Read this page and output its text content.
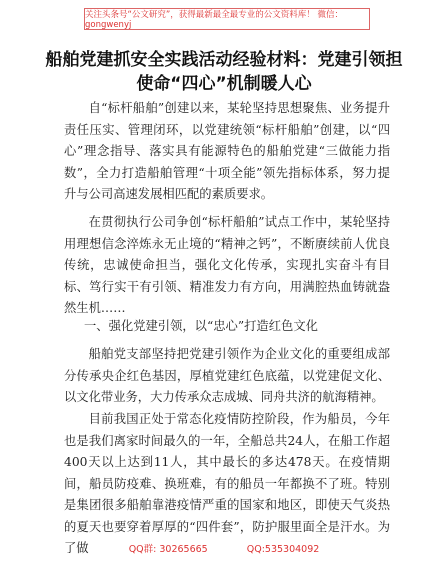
关注头条号“公文研究”，获得最新最全最专业的公文资料库！ 微信：gongwenyj
船舶党建抓安全实践活动经验材料：党建引领担使命“四心”机制暖人心

自“标杆船舶”创建以来，某轮坚持思想聚焦、业务提升责任压实、管理闭环，以党建统领“标杆船舶”创建，以“四心”理念指导、落实具有能源特色的船舶党建“三做能力指数”，全力打造船舶管理“十项全能”领先指标体系，努力提升与公司高速发展相匹配的素质要求。

在贯彻执行公司争创“标杆船舶”试点工作中，某轮坚持用理想信念淬炼永无止境的“精神之钙”，不断赓续前人优良传统，忠诚使命担当，强化文化传承，实现扎实奋斗有目标、笃行实干有引领、精准发力有方向，用满腔热血铸就盎然生机……

一、强化党建引领，以“忠心”打造红色文化

船舶党支部坚持把党建引领作为企业文化的重要组成部分传承央企红色基因，厚植党建红色底蕴，以党建促文化、以文化带业务，大力传承众志成城、同舟共济的航海精神。

目前我国正处于常态化疫情防控阶段，作为船员，今年也是我们离家时间最久的一年，全船总共24人，在船工作超400天以上达到11人，其中最长的多达478天。在疫情期间，船员防疫难、换班难，有的船员一年都换不了班。特别是集团很多船舶靠港疫情严重的国家和地区，即使天气炎热的夏天也要穿着厚厚的“四件套”，防护服里面全是汗水。为了做	QQ群: 30265665	QQ:535304092
